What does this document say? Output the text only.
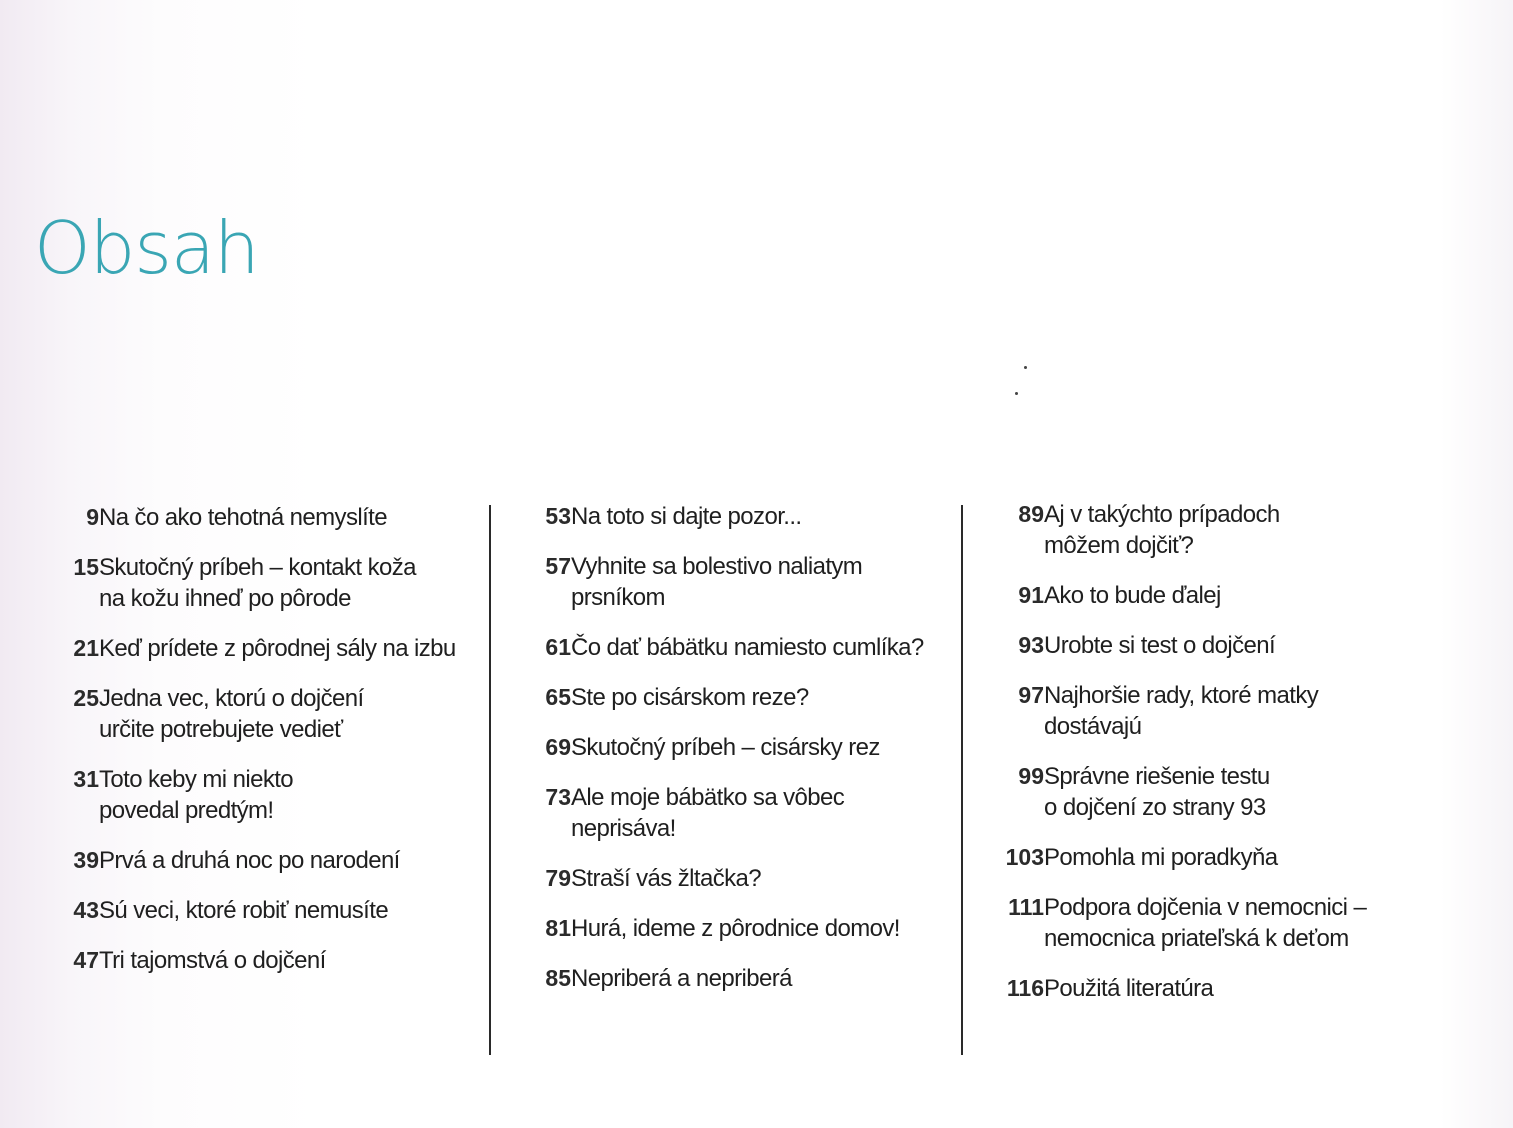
Obsah
9 Na čo ako tehotná nemyslíte
15 Skutočný príbeh – kontakt koža
na kožu ihneď po pôrode
21 Keď prídete z pôrodnej sály na izbu
25 Jedna vec, ktorú o dojčení
určite potrebujete vedieť
31 Toto keby mi niekto
povedal predtým!
39 Prvá a druhá noc po narodení
43 Sú veci, ktoré robiť nemusíte
47 Tri tajomstvá o dojčení
53 Na toto si dajte pozor...
57 Vyhnite sa bolestivo naliatym
prsníkom
61 Čo dať bábätku namiesto cumlíka?
65 Ste po cisárskom reze?
69 Skutočný príbeh – cisársky rez
73 Ale moje bábätko sa vôbec
neprisáva!
79 Straší vás žltačka?
81 Hurá, ideme z pôrodnice domov!
85 Nepriberá a nepriberá
89 Aj v takýchto prípadoch
môžem dojčiť?
91 Ako to bude ďalej
93 Urobte si test o dojčení
97 Najhoršie rady, ktoré matky
dostávajú
99 Správne riešenie testu
o dojčení zo strany 93
103 Pomohla mi poradkyňa
111 Podpora dojčenia v nemocnici –
nemocnica priateľská k deťom
116 Použitá literatúra
